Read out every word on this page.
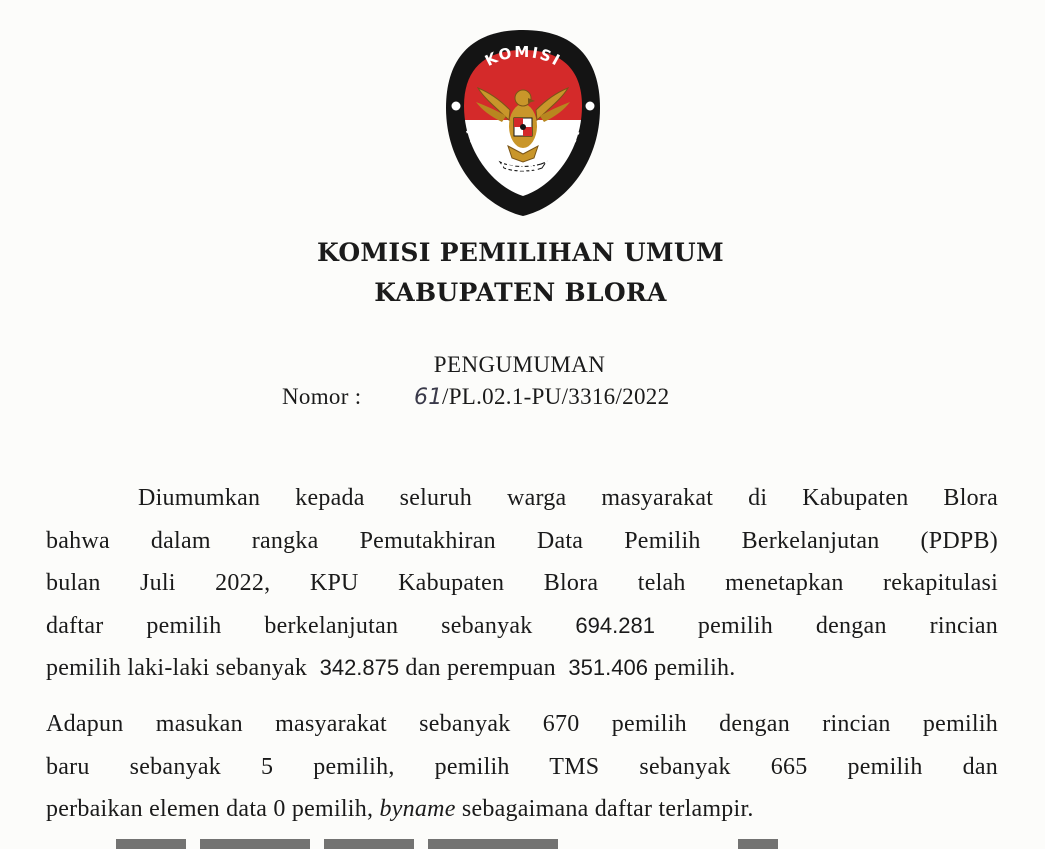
KOMISI
PEMILIHAN UMUM
KOMISI PEMILIHAN UMUM
KABUPATEN BLORA
PENGUMUMAN
Nomor : 61/PL.02.1-PU/3316/2022
Diumumkan kepada seluruh warga masyarakat di Kabupaten Blora
bahwa dalam rangka Pemutakhiran Data Pemilih Berkelanjutan (PDPB)
bulan Juli 2022, KPU Kabupaten Blora telah menetapkan rekapitulasi
daftar pemilih berkelanjutan sebanyak 694.281 pemilih dengan rincian
pemilih laki-laki sebanyak 342.875 dan perempuan 351.406 pemilih.
Adapun masukan masyarakat sebanyak 670 pemilih dengan rincian pemilih
baru sebanyak 5 pemilih, pemilih TMS sebanyak 665 pemilih dan
perbaikan elemen data 0 pemilih, byname sebagaimana daftar terlampir.
